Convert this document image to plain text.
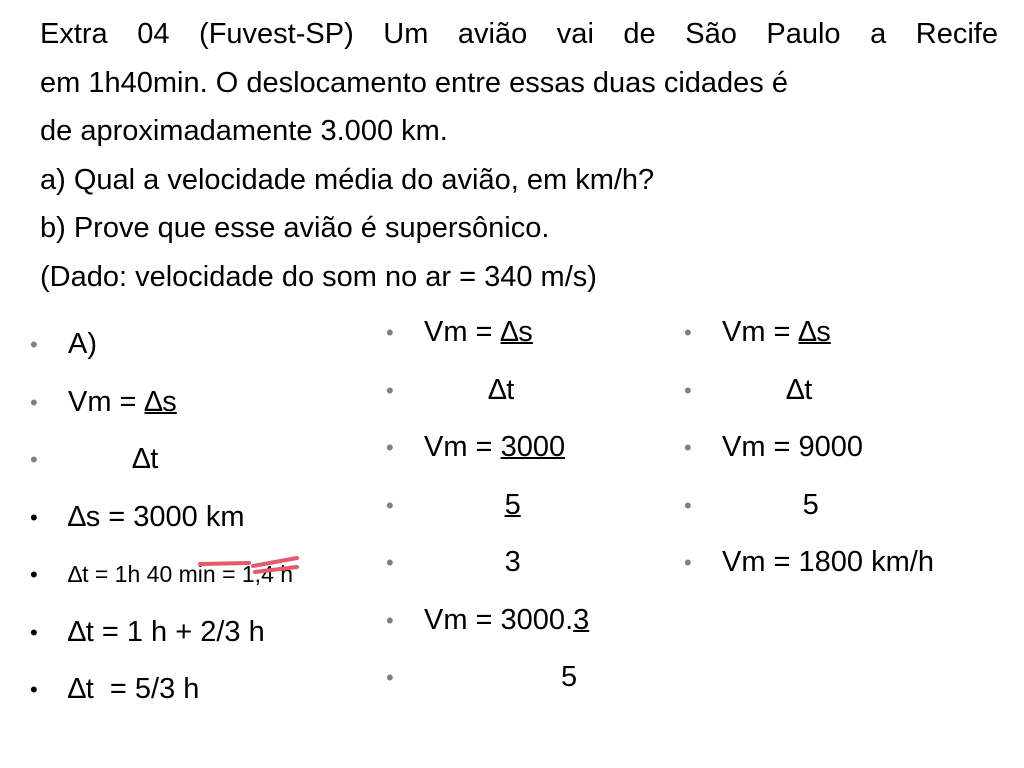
Extra 04 (Fuvest-SP) Um avião vai de São Paulo a Recife
em 1h40min. O deslocamento entre essas duas cidades é
de aproximadamente 3.000 km.
a) Qual a velocidade média do avião, em km/h?
b) Prove que esse avião é supersônico.
(Dado: velocidade do som no ar = 340 m/s)

•

A)

•

Vm = ∆s

•

∆t

•

∆s = 3000 km

•

∆t = 1h 40 min = 1,4 h

•

∆t = 1 h + 2/3 h

•

∆t  = 5/3 h

•

Vm = ∆s

•

∆t

•

Vm = 3000

•

	5

•

3

•

Vm = 3000.3

•

5

•

Vm = ∆s

•

∆t

•

Vm = 9000

•

5

•

Vm = 1800 km/h
